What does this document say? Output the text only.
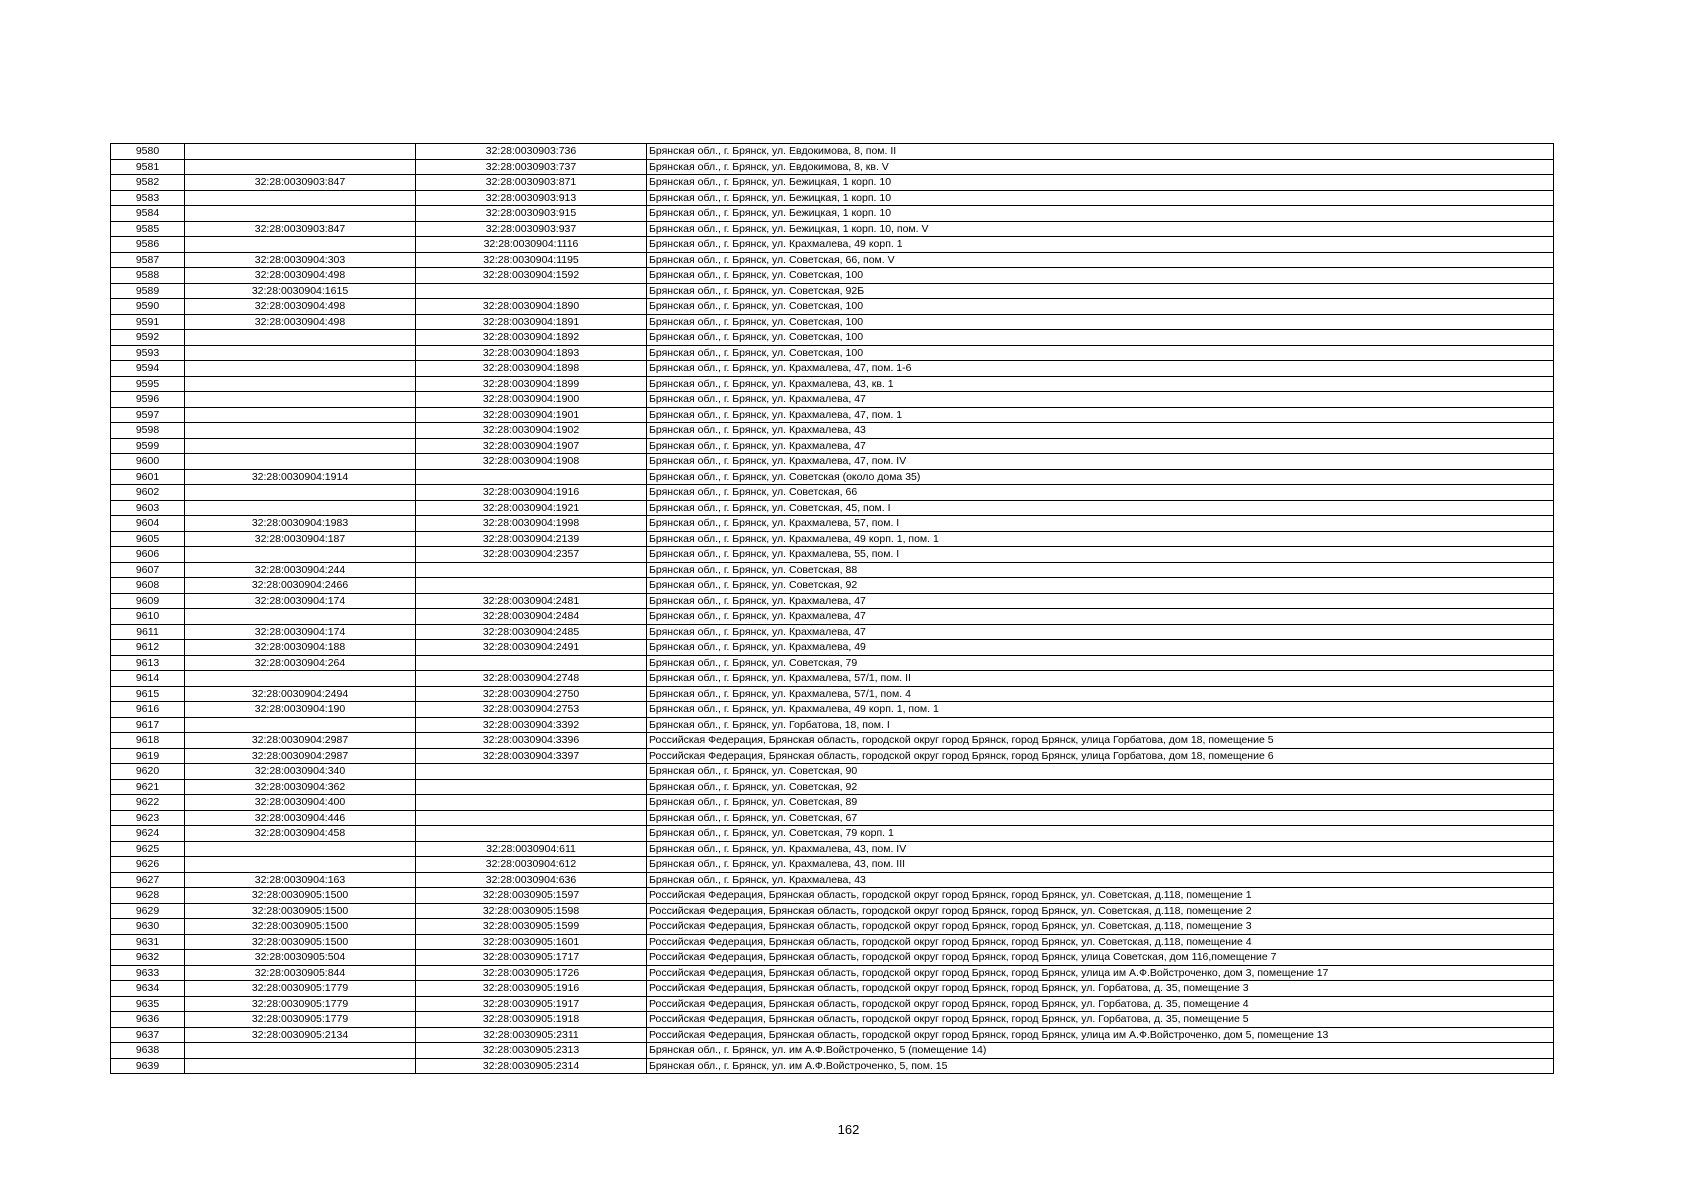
9580		32:28:0030903:736	Брянская обл., г. Брянск, ул. Евдокимова, 8, пом. II
9581		32:28:0030903:737	Брянская обл., г. Брянск, ул. Евдокимова, 8, кв. V
9582	32:28:0030903:847	32:28:0030903:871	Брянская обл., г. Брянск, ул. Бежицкая, 1 корп. 10
9583		32:28:0030903:913	Брянская обл., г. Брянск, ул. Бежицкая, 1 корп. 10
9584		32:28:0030903:915	Брянская обл., г. Брянск, ул. Бежицкая, 1 корп. 10
9585	32:28:0030903:847	32:28:0030903:937	Брянская обл., г. Брянск, ул. Бежицкая, 1 корп. 10, пом. V
9586		32:28:0030904:1116	Брянская обл., г. Брянск, ул. Крахмалева, 49 корп. 1
9587	32:28:0030904:303	32:28:0030904:1195	Брянская обл., г. Брянск, ул. Советская, 66, пом. V
9588	32:28:0030904:498	32:28:0030904:1592	Брянская обл., г. Брянск, ул. Советская, 100
9589	32:28:0030904:1615		Брянская обл., г. Брянск, ул. Советская, 92Б
9590	32:28:0030904:498	32:28:0030904:1890	Брянская обл., г. Брянск, ул. Советская, 100
9591	32:28:0030904:498	32:28:0030904:1891	Брянская обл., г. Брянск, ул. Советская, 100
9592		32:28:0030904:1892	Брянская обл., г. Брянск, ул. Советская, 100
9593		32:28:0030904:1893	Брянская обл., г. Брянск, ул. Советская, 100
9594		32:28:0030904:1898	Брянская обл., г. Брянск, ул. Крахмалева, 47, пом. 1-6
9595		32:28:0030904:1899	Брянская обл., г. Брянск, ул. Крахмалева, 43, кв. 1
9596		32:28:0030904:1900	Брянская обл., г. Брянск, ул. Крахмалева, 47
9597		32:28:0030904:1901	Брянская обл., г. Брянск, ул. Крахмалева, 47, пом. 1
9598		32:28:0030904:1902	Брянская обл., г. Брянск, ул. Крахмалева, 43
9599		32:28:0030904:1907	Брянская обл., г. Брянск, ул. Крахмалева, 47
9600		32:28:0030904:1908	Брянская обл., г. Брянск, ул. Крахмалева, 47, пом. IV
9601	32:28:0030904:1914		Брянская обл., г. Брянск, ул. Советская (около дома 35)
9602		32:28:0030904:1916	Брянская обл., г. Брянск, ул. Советская, 66
9603		32:28:0030904:1921	Брянская обл., г. Брянск, ул. Советская, 45, пом. I
9604	32:28:0030904:1983	32:28:0030904:1998	Брянская обл., г. Брянск, ул. Крахмалева, 57, пом. I
9605	32:28:0030904:187	32:28:0030904:2139	Брянская обл., г. Брянск, ул. Крахмалева, 49 корп. 1, пом. 1
9606		32:28:0030904:2357	Брянская обл., г. Брянск, ул. Крахмалева, 55, пом. I
9607	32:28:0030904:244		Брянская обл., г. Брянск, ул. Советская, 88
9608	32:28:0030904:2466		Брянская обл., г. Брянск, ул. Советская, 92
9609	32:28:0030904:174	32:28:0030904:2481	Брянская обл., г. Брянск, ул. Крахмалева, 47
9610		32:28:0030904:2484	Брянская обл., г. Брянск, ул. Крахмалева, 47
9611	32:28:0030904:174	32:28:0030904:2485	Брянская обл., г. Брянск, ул. Крахмалева, 47
9612	32:28:0030904:188	32:28:0030904:2491	Брянская обл., г. Брянск, ул. Крахмалева, 49
9613	32:28:0030904:264		Брянская обл., г. Брянск, ул. Советская, 79
9614		32:28:0030904:2748	Брянская обл., г. Брянск, ул. Крахмалева, 57/1, пом. II
9615	32:28:0030904:2494	32:28:0030904:2750	Брянская обл., г. Брянск, ул. Крахмалева, 57/1, пом. 4
9616	32:28:0030904:190	32:28:0030904:2753	Брянская обл., г. Брянск, ул. Крахмалева, 49 корп. 1, пом. 1
9617		32:28:0030904:3392	Брянская обл., г. Брянск, ул. Горбатова, 18, пом. I
9618	32:28:0030904:2987	32:28:0030904:3396	Российская Федерация, Брянская область, городской округ город Брянск, город Брянск, улица Горбатова, дом 18, помещение 5
9619	32:28:0030904:2987	32:28:0030904:3397	Российская Федерация, Брянская область, городской округ город Брянск, город Брянск, улица Горбатова, дом 18, помещение 6
9620	32:28:0030904:340		Брянская обл., г. Брянск, ул. Советская, 90
9621	32:28:0030904:362		Брянская обл., г. Брянск, ул. Советская, 92
9622	32:28:0030904:400		Брянская обл., г. Брянск, ул. Советская, 89
9623	32:28:0030904:446		Брянская обл., г. Брянск, ул. Советская, 67
9624	32:28:0030904:458		Брянская обл., г. Брянск, ул. Советская, 79 корп. 1
9625		32:28:0030904:611	Брянская обл., г. Брянск, ул. Крахмалева, 43, пом. IV
9626		32:28:0030904:612	Брянская обл., г. Брянск, ул. Крахмалева, 43, пом. III
9627	32:28:0030904:163	32:28:0030904:636	Брянская обл., г. Брянск, ул. Крахмалева, 43
9628	32:28:0030905:1500	32:28:0030905:1597	Российская Федерация, Брянская область, городской округ город Брянск, город Брянск, ул. Советская, д.118, помещение 1
9629	32:28:0030905:1500	32:28:0030905:1598	Российская Федерация, Брянская область, городской округ город Брянск, город Брянск, ул. Советская, д.118, помещение 2
9630	32:28:0030905:1500	32:28:0030905:1599	Российская Федерация, Брянская область, городской округ город Брянск, город Брянск, ул. Советская, д.118, помещение 3
9631	32:28:0030905:1500	32:28:0030905:1601	Российская Федерация, Брянская область, городской округ город Брянск, город Брянск, ул. Советская, д.118, помещение 4
9632	32:28:0030905:504	32:28:0030905:1717	Российская Федерация, Брянская область, городской округ город Брянск, город Брянск, улица Советская, дом 116,помещение 7
9633	32:28:0030905:844	32:28:0030905:1726	Российская Федерация, Брянская область, городской округ город Брянск, город Брянск, улица им А.Ф.Войстроченко, дом 3, помещение 17
9634	32:28:0030905:1779	32:28:0030905:1916	Российская Федерация, Брянская область, городской округ город Брянск, город Брянск, ул. Горбатова, д. 35, помещение 3
9635	32:28:0030905:1779	32:28:0030905:1917	Российская Федерация, Брянская область, городской округ город Брянск, город Брянск, ул. Горбатова, д. 35, помещение 4
9636	32:28:0030905:1779	32:28:0030905:1918	Российская Федерация, Брянская область, городской округ город Брянск, город Брянск, ул. Горбатова, д. 35, помещение 5
9637	32:28:0030905:2134	32:28:0030905:2311	Российская Федерация, Брянская область, городской округ город Брянск, город Брянск, улица им А.Ф.Войстроченко, дом 5, помещение 13
9638		32:28:0030905:2313	Брянская обл., г. Брянск, ул. им А.Ф.Войстроченко, 5 (помещение 14)
9639		32:28:0030905:2314	Брянская обл., г. Брянск, ул. им А.Ф.Войстроченко, 5, пом. 15
162
